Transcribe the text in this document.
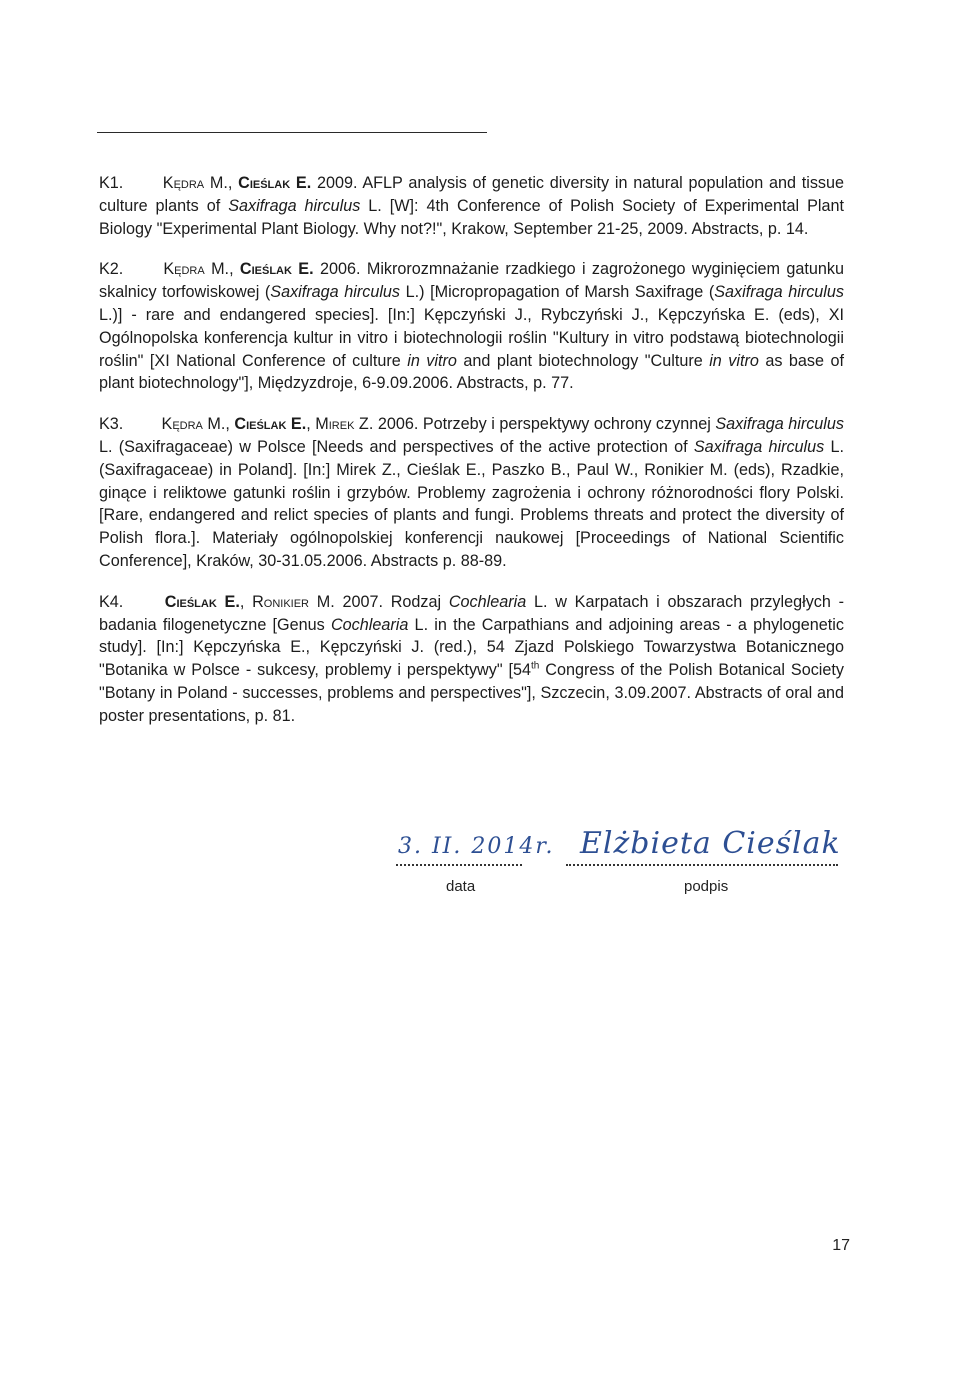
K1. Kędra M., Cieślak E. 2009. AFLP analysis of genetic diversity in natural population and tissue culture plants of Saxifraga hirculus L. [W]: 4th Conference of Polish Society of Experimental Plant Biology "Experimental Plant Biology. Why not?!", Krakow, September 21-25, 2009. Abstracts, p. 14.

K2. Kędra M., Cieślak E. 2006. Mikrorozmnażanie rzadkiego i zagrożonego wyginięciem gatunku skalnicy torfowiskowej (Saxifraga hirculus L.) [Micropropagation of Marsh Saxifrage (Saxifraga hirculus L.)] - rare and endangered species]. [In:] Kępczyński J., Rybczyński J., Kępczyńska E. (eds), XI Ogólnopolska konferencja kultur in vitro i biotechnologii roślin "Kultury in vitro podstawą biotechnologii roślin" [XI National Conference of culture in vitro and plant biotechnology "Culture in vitro as base of plant biotechnology"], Międzyzdroje, 6-9.09.2006. Abstracts, p. 77.

K3. Kędra M., Cieślak E., Mirek Z. 2006. Potrzeby i perspektywy ochrony czynnej Saxifraga hirculus L. (Saxifragaceae) w Polsce [Needs and perspectives of the active protection of Saxifraga hirculus L. (Saxifragaceae) in Poland]. [In:] Mirek Z., Cieślak E., Paszko B., Paul W., Ronikier M. (eds), Rzadkie, ginące i reliktowe gatunki roślin i grzybów. Problemy zagrożenia i ochrony różnorodności flory Polski. [Rare, endangered and relict species of plants and fungi. Problems threats and protect the diversity of Polish flora.]. Materiały ogólnopolskiej konferencji naukowej [Proceedings of National Scientific Conference], Kraków, 30-31.05.2006. Abstracts p. 88-89.

K4.	Cieślak E., Ronikier M. 2007. Rodzaj Cochlearia L. w Karpatach i obszarach przyległych - badania filogenetyczne [Genus Cochlearia L. in the Carpathians and adjoining areas - a phylogenetic study]. [In:] Kępczyńska E., Kępczyński J. (red.), 54 Zjazd Polskiego Towarzystwa Botanicznego "Botanika w Polsce - sukcesy, problemy i perspektywy" [54th Congress of the Polish Botanical Society "Botany in Poland - successes, problems and perspectives"], Szczecin, 3.09.2007. Abstracts of oral and poster presentations, p. 81.

3. II. 2014r.
data
Elżbieta Cieślak
podpis
17
